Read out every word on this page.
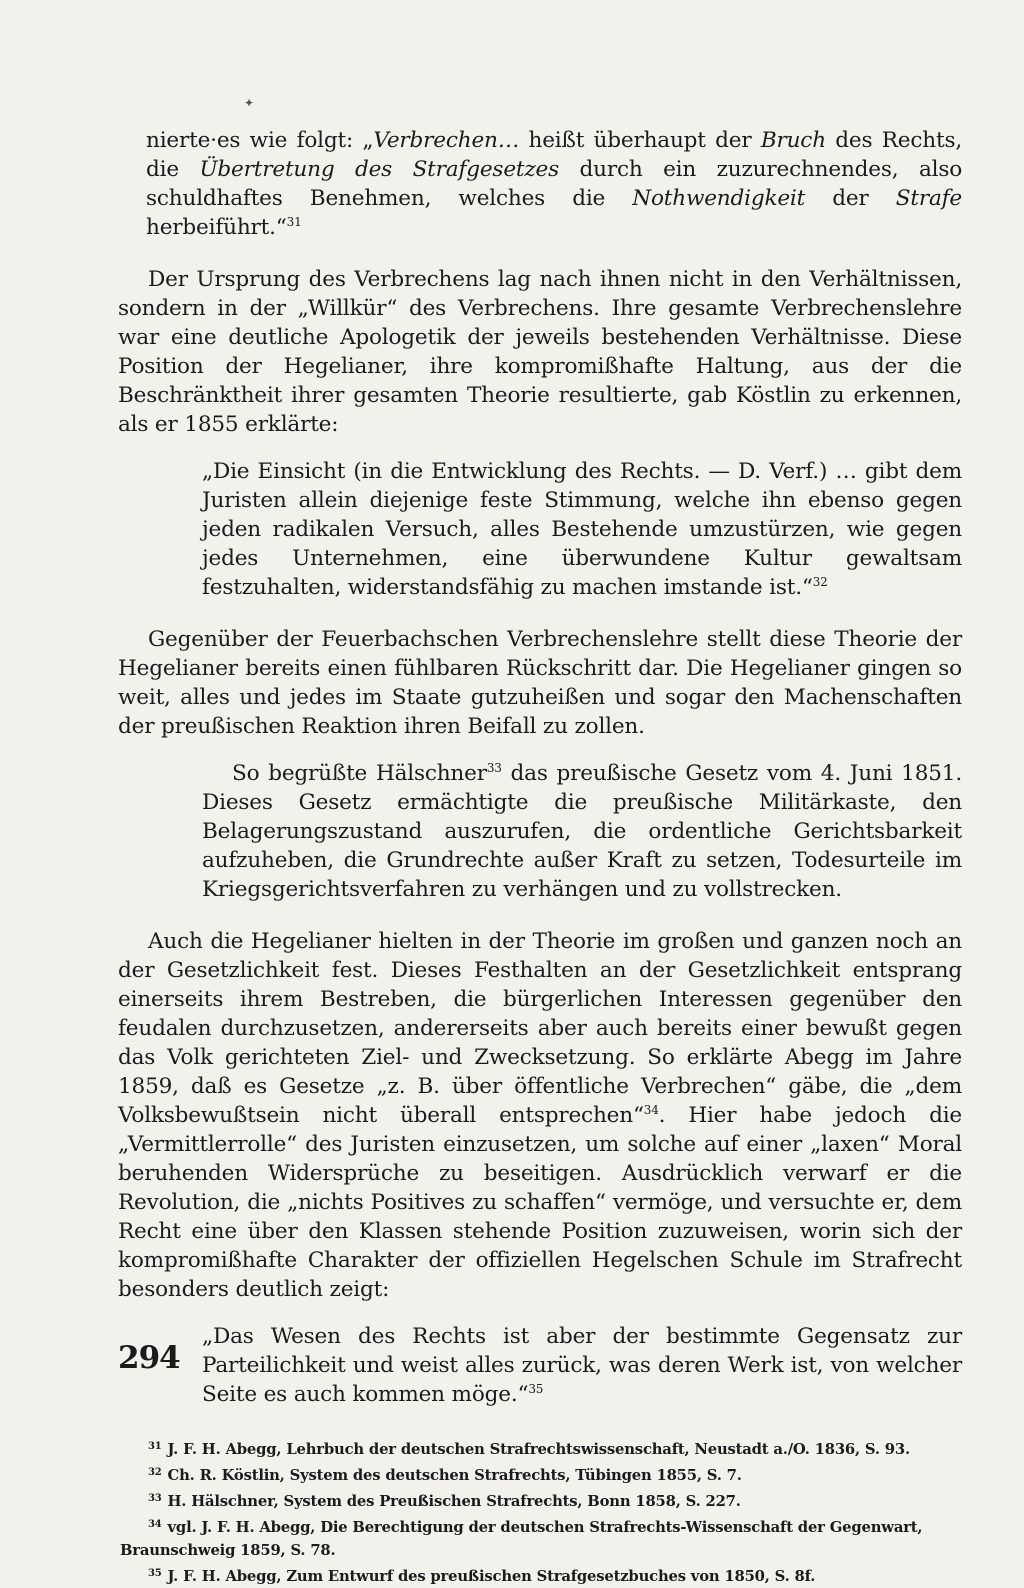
✦

nierte·es wie folgt: „Verbrechen… heißt überhaupt der Bruch des Rechts, die Übertretung des Strafgesetzes durch ein zuzurechnendes, also schuldhaftes Benehmen, welches die Nothwendigkeit der Strafe herbeiführt.“$^{31}$

Der Ursprung des Verbrechens lag nach ihnen nicht in den Verhältnissen, sondern in der „Willkür“ des Verbrechens. Ihre gesamte Verbrechenslehre war eine deutliche Apologetik der jeweils bestehenden Verhältnisse. Diese Position der Hegelianer, ihre kompromißhafte Haltung, aus der die Beschränktheit ihrer gesamten Theorie resultierte, gab Köstlin zu erkennen, als er 1855 erklärte:

„Die Einsicht (in die Entwicklung des Rechts. — D. Verf.) … gibt dem Juristen allein diejenige feste Stimmung, welche ihn ebenso gegen jeden radikalen Versuch, alles Bestehende umzustürzen, wie gegen jedes Unternehmen, eine überwundene Kultur gewaltsam festzuhalten, widerstandsfähig zu machen imstande ist.“$^{32}$

Gegenüber der Feuerbachschen Verbrechenslehre stellt diese Theorie der Hegelianer bereits einen fühlbaren Rückschritt dar. Die Hegelianer gingen so weit, alles und jedes im Staate gutzuheißen und sogar den Machenschaften der preußischen Reaktion ihren Beifall zu zollen.

So begrüßte Hälschner$^{33}$ das preußische Gesetz vom 4. Juni 1851. Dieses Gesetz ermächtigte die preußische Militärkaste, den Belagerungszustand auszurufen, die ordentliche Gerichtsbarkeit aufzuheben, die Grundrechte außer Kraft zu setzen, Todesurteile im Kriegsgerichtsverfahren zu verhängen und zu vollstrecken.

Auch die Hegelianer hielten in der Theorie im großen und ganzen noch an der Gesetzlichkeit fest. Dieses Festhalten an der Gesetzlichkeit entsprang einerseits ihrem Bestreben, die bürgerlichen Interessen gegenüber den feudalen durchzusetzen, andererseits aber auch bereits einer bewußt gegen das Volk gerichteten Ziel- und Zwecksetzung. So erklärte Abegg im Jahre 1859, daß es Gesetze „z. B. über öffentliche Verbrechen“ gäbe, die „dem Volksbewußtsein nicht überall entsprechen“$^{34}$. Hier habe jedoch die „Vermittlerrolle“ des Juristen einzusetzen, um solche auf einer „laxen“ Moral beruhenden Widersprüche zu beseitigen. Ausdrücklich verwarf er die Revolution, die „nichts Positives zu schaffen“ vermöge, und versuchte er, dem Recht eine über den Klassen stehende Position zuzuweisen, worin sich der kompromißhafte Charakter der offiziellen Hegelschen Schule im Strafrecht besonders deutlich zeigt:

„Das Wesen des Rechts ist aber der bestimmte Gegensatz zur Parteilichkeit und weist alles zurück, was deren Werk ist, von welcher Seite es auch kommen möge.“$^{35}$

$^{31}$ J. F. H. Abegg, Lehrbuch der deutschen Strafrechtswissenschaft, Neustadt a./O. 1836, S. 93.

$^{32}$ Ch. R. Köstlin, System des deutschen Strafrechts, Tübingen 1855, S. 7.

$^{33}$ H. Hälschner, System des Preußischen Strafrechts, Bonn 1858, S. 227.

$^{34}$ vgl. J. F. H. Abegg, Die Berechtigung der deutschen Strafrechts-Wissenschaft der Gegenwart,

Braunschweig 1859, S. 78.

$^{35}$ J. F. H. Abegg, Zum Entwurf des preußischen Strafgesetzbuches von 1850, S. 8f.

294
